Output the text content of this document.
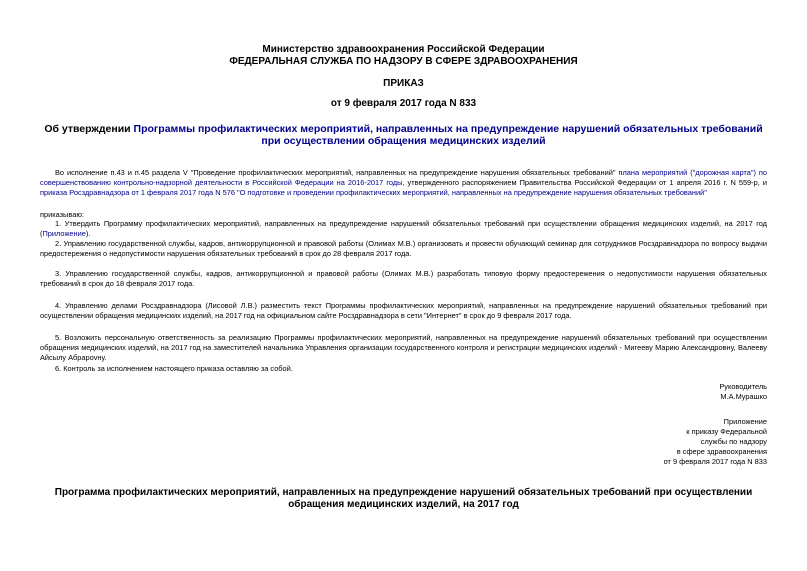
Министерство здравоохранения Российской Федерации
ФЕДЕРАЛЬНАЯ СЛУЖБА ПО НАДЗОРУ В СФЕРЕ ЗДРАВООХРАНЕНИЯ
ПРИКАЗ
от 9 февраля 2017 года N 833
Об утверждении Программы профилактических мероприятий, направленных на предупреждение нарушений обязательных требований при осуществлении обращения медицинских изделий
Во исполнение п.43 и п.45 раздела V "Проведение профилактических мероприятий, направленных на предупреждение нарушения обязательных требований" плана мероприятий ("дорожная карта") по совершенствованию контрольно-надзорной деятельности в Российской Федерации на 2016-2017 годы, утвержденного распоряжением Правительства Российской Федерации от 1 апреля 2016 г. N 559-р, и приказа Росздравнадзора от 1 февраля 2017 года N 576 "О подготовке и проведении профилактических мероприятий, направленных на предупреждение нарушения обязательных требований"
приказываю:
1. Утвердить Программу профилактических мероприятий, направленных на предупреждение нарушений обязательных требований при осуществлении обращения медицинских изделий, на 2017 год (Приложение).
2. Управлению государственной службы, кадров, антикоррупционной и правовой работы (Олимах М.В.) организовать и провести обучающий семинар для сотрудников Росздравнадзора по вопросу выдачи предостережения о недопустимости нарушения обязательных требований в срок до 28 февраля 2017 года.
3. Управлению государственной службы, кадров, антикоррупционной и правовой работы (Олимах М.В.) разработать типовую форму предостережения о недопустимости нарушения обязательных требований в срок до 18 февраля 2017 года.
4. Управлению делами Росздравнадзора (Лисовой Л.В.) разместить текст Программы профилактических мероприятий, направленных на предупреждение нарушений обязательных требований при осуществлении обращения медицинских изделий, на 2017 год на официальном сайте Росздравнадзора в сети "Интернет" в срок до 9 февраля 2017 года.
5. Возложить персональную ответственность за реализацию Программы профилактических мероприятий, направленных на предупреждение нарушений обязательных требований при осуществлении обращения медицинских изделий, на 2017 год на заместителей начальника Управления организации государственного контроля и регистрации медицинских изделий - Мигееву Марию Александровну, Валееву Айсылу Абрарovну.
6. Контроль за исполнением настоящего приказа оставляю за собой.
Руководитель
М.А.Мурашко
Приложение
к приказу Федеральной
службы по надзору
в сфере здравоохранения
от 9 февраля 2017 года N 833
Программа профилактических мероприятий, направленных на предупреждение нарушений обязательных требований при осуществлении обращения медицинских изделий, на 2017 год
